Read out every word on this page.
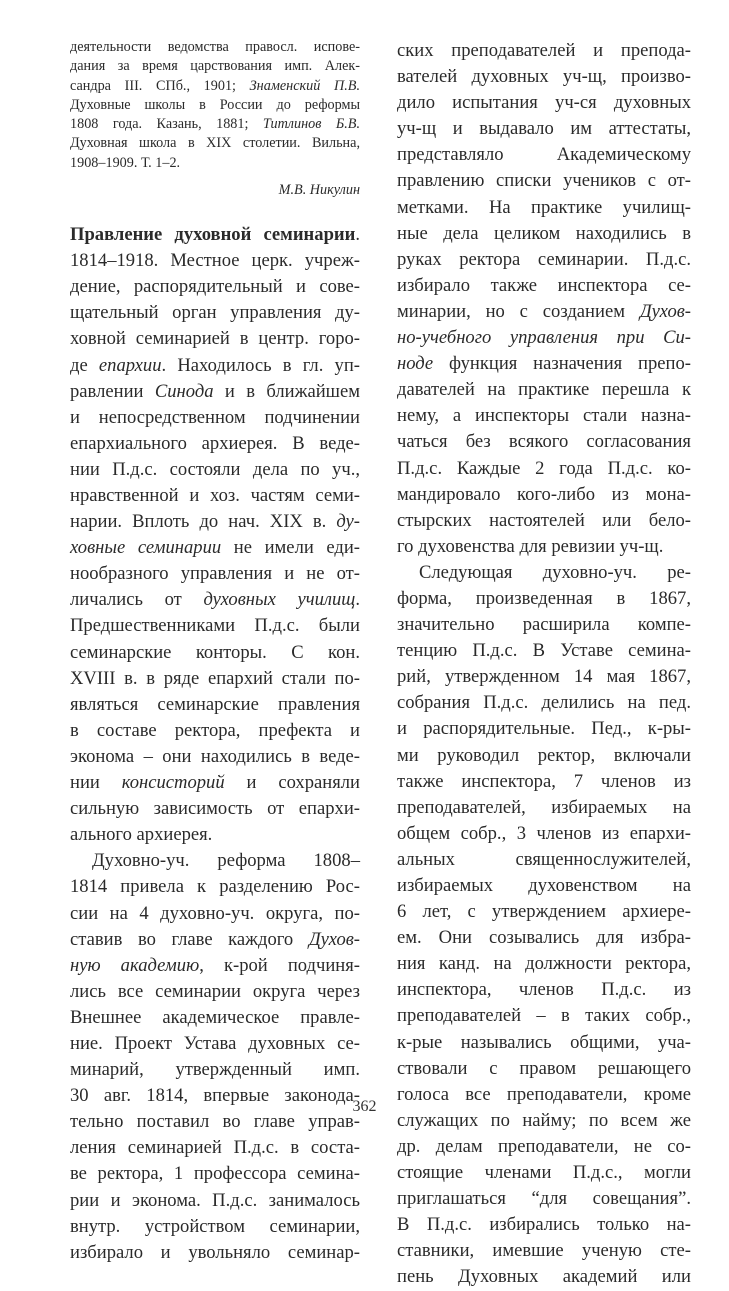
деятельности ведомства правосл. испове-
дания за время царствования имп. Алек-
сандра III. СПб., 1901; Знаменский П.В.
Духовные школы в России до реформы
1808 года. Казань, 1881; Титлинов Б.В.
Духовная школа в XIX столетии. Вильна,
1908–1909. Т. 1–2.
М.В. Никулин
Правление духовной семинарии.
1814–1918. Местное церк. учреж-
дение, распорядительный и сове-
щательный орган управления ду-
ховной семинарией в центр. горо-
де епархии. Находилось в гл. уп-
равлении Синода и в ближайшем
и непосредственном подчинении
епархиального архиерея. В веде-
нии П.д.с. состояли дела по уч.,
нравственной и хоз. частям семи-
нарии. Вплоть до нач. XIX в. ду-
ховные семинарии не имели еди-
нообразного управления и не от-
личались от духовных училищ.
Предшественниками П.д.с. были
семинарские конторы. С кон.
XVIII в. в ряде епархий стали по-
являться семинарские правления
в составе ректора, префекта и
эконома – они находились в веде-
нии консисторий и сохраняли
сильную зависимость от епархи-
ального архиерея.
Духовно-уч. реформа 1808–
1814 привела к разделению Рос-
сии на 4 духовно-уч. округа, по-
ставив во главе каждого Духов-
ную академию, к-рой подчиня-
лись все семинарии округа через
Внешнее академическое правле-
ние. Проект Устава духовных се-
минарий, утвержденный имп.
30 авг. 1814, впервые законода-
тельно поставил во главе управ-
ления семинарией П.д.с. в соста-
ве ректора, 1 профессора семина-
рии и эконома. П.д.с. занималось
внутр. устройством семинарии,
избирало и увольняло семинар-
ских преподавателей и препода-
вателей духовных уч-щ, произво-
дило испытания уч-ся духовных
уч-щ и выдавало им аттестаты,
представляло Академическому
правлению списки учеников с от-
метками. На практике училищ-
ные дела целиком находились в
руках ректора семинарии. П.д.с.
избирало также инспектора се-
минарии, но с созданием Духов-
но-учебного управления при Си-
ноде функция назначения препо-
давателей на практике перешла к
нему, а инспекторы стали назна-
чаться без всякого согласования
П.д.с. Каждые 2 года П.д.с. ко-
мандировало кого-либо из мона-
стырских настоятелей или бело-
го духовенства для ревизии уч-щ.
Следующая духовно-уч. ре-
форма, произведенная в 1867,
значительно расширила компе-
тенцию П.д.с. В Уставе семина-
рий, утвержденном 14 мая 1867,
собрания П.д.с. делились на пед.
и распорядительные. Пед., к-ры-
ми руководил ректор, включали
также инспектора, 7 членов из
преподавателей, избираемых на
общем собр., 3 членов из епархи-
альных священнослужителей,
избираемых духовенством на
6 лет, с утверждением архиере-
ем. Они созывались для избра-
ния канд. на должности ректора,
инспектора, членов П.д.с. из
преподавателей – в таких собр.,
к-рые назывались общими, уча-
ствовали с правом решающего
голоса все преподаватели, кроме
служащих по найму; по всем же
др. делам преподаватели, не со-
стоящие членами П.д.с., могли
приглашаться “для совещания”.
В П.д.с. избирались только на-
ставники, имевшие ученую сте-
пень Духовных академий или
362
